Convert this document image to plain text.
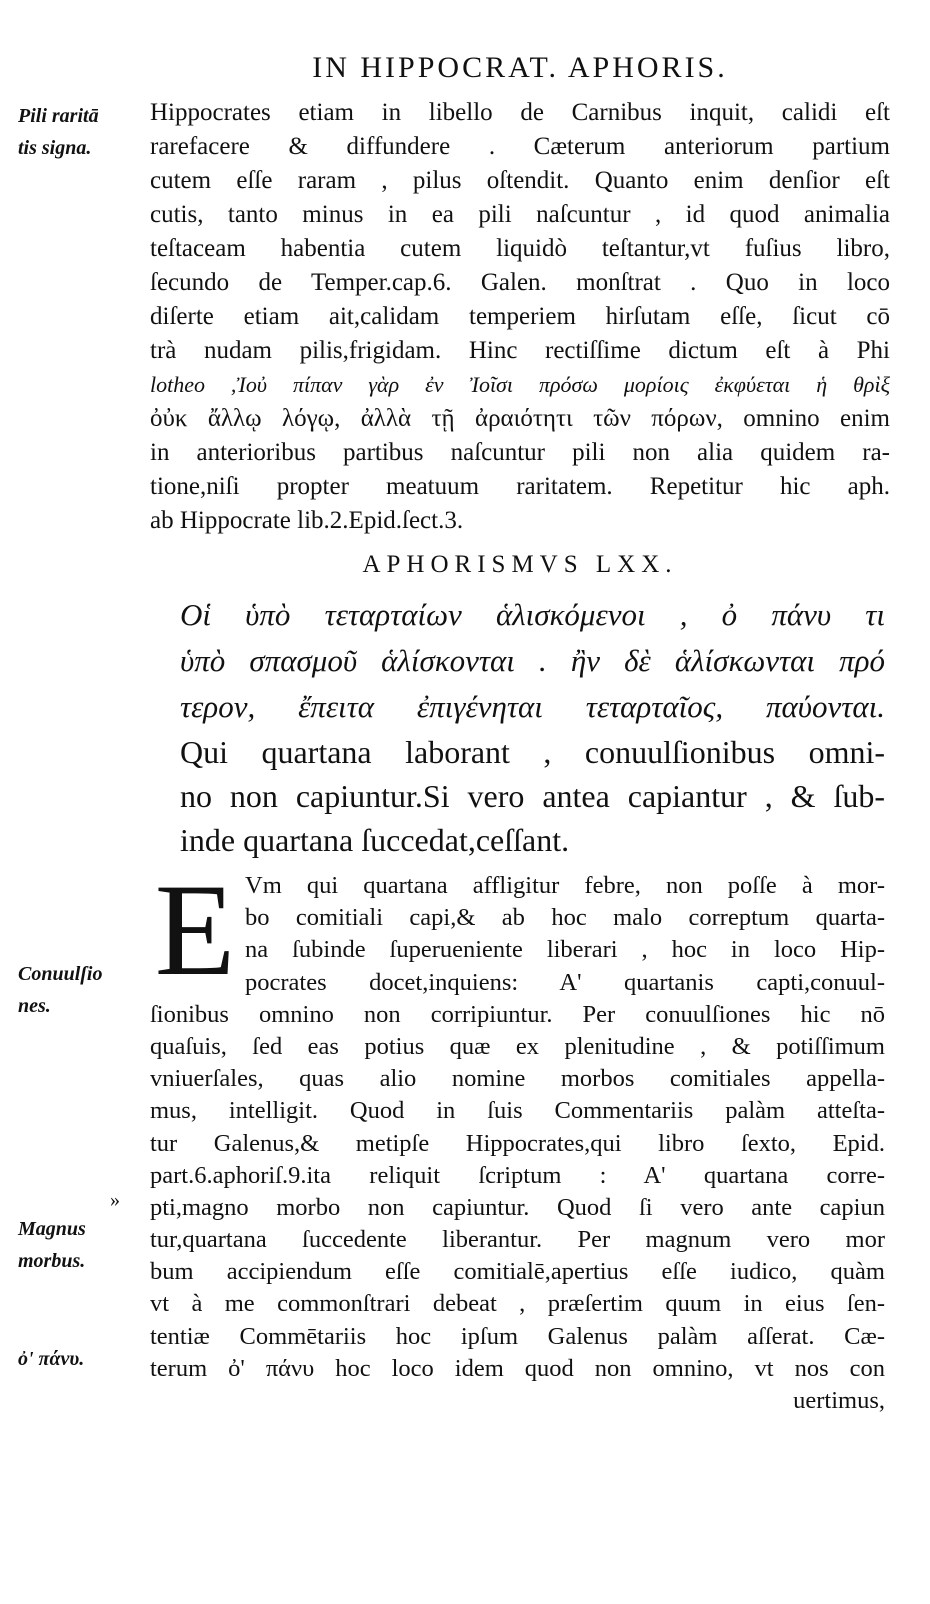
IN HIPPOCRAT. APHORIS.
Pili raritā
tis signa.
Conuulſio
nes.
Magnus
morbus.
ὀ' πάνυ.
»
Hippocrates etiam in libello de Carnibus inquit, calidi eſt
rarefacere & diffundere . Cæterum anteriorum partium
cutem eſſe raram , pilus oſtendit. Quanto enim denſior eſt
cutis, tanto minus in ea pili naſcuntur , id quod animalia
teſtaceam habentia cutem liquidò teſtantur,vt fuſius libro,
ſecundo de Temper.cap.6. Galen. monſtrat . Quo in loco
diſerte etiam ait,calidam temperiem hirſutam eſſe, ſicut cō
trà nudam pilis,frigidam. Hinc rectiſſime dictum eſt à Phi
lotheo ,Ἰοὐ πίπαν γὰρ ἐν Ἰοῖσι πρόσω μορίοις ἐκφύεται ἡ θρὶξ
ὀὐκ ἄλλῳ λόγῳ, ἀλλὰ τῇ ἀραιότητι τῶν πόρων, omnino enim
in anterioribus partibus naſcuntur pili non alia quidem ra-
tione,niſi propter meatuum raritatem. Repetitur hic aph.
ab Hippocrate lib.2.Epid.ſect.3.
APHORISMVS LXX.
Οἱ ὑπὸ τεταρταίων ἁλισκόμενοι , ὀ πάνυ τι
ὑπὸ σπασμοῦ ἁλίσκονται . ἢν δὲ ἁλίσκωνται πρό
τερον, ἔπειτα ἐπιγένηται τεταρταῖος, παύονται.
Qui quartana laborant , conuulſionibus omni-
no non capiuntur.Si vero antea capiantur , & ſub-
inde quartana ſuccedat,ceſſant.
E Vm qui quartana affligitur febre, non poſſe à mor-
bo comitiali capi,& ab hoc malo correptum quarta-
na ſubinde ſuperueniente liberari , hoc in loco Hip-
pocrates docet,inquiens: A' quartanis capti,conuul-
ſionibus omnino non corripiuntur. Per conuulſiones hic nō
quaſuis, ſed eas potius quæ ex plenitudine , & potiſſimum
vniuerſales, quas alio nomine morbos comitiales appella-
mus, intelligit. Quod in ſuis Commentariis palàm atteſta-
tur Galenus,& metipſe Hippocrates,qui libro ſexto, Epid.
part.6.aphoriſ.9.ita reliquit ſcriptum : A' quartana corre-
pti,magno morbo non capiuntur. Quod ſi vero ante capiun
tur,quartana ſuccedente liberantur. Per magnum vero mor
bum accipiendum eſſe comitialē,apertius eſſe iudico, quàm
vt à me commonſtrari debeat , præſertim quum in eius ſen-
tentiæ Commētariis hoc ipſum Galenus palàm aſſerat. Cæ-
terum ὀ' πάνυ hoc loco idem quod non omnino, vt nos con
uertimus,
